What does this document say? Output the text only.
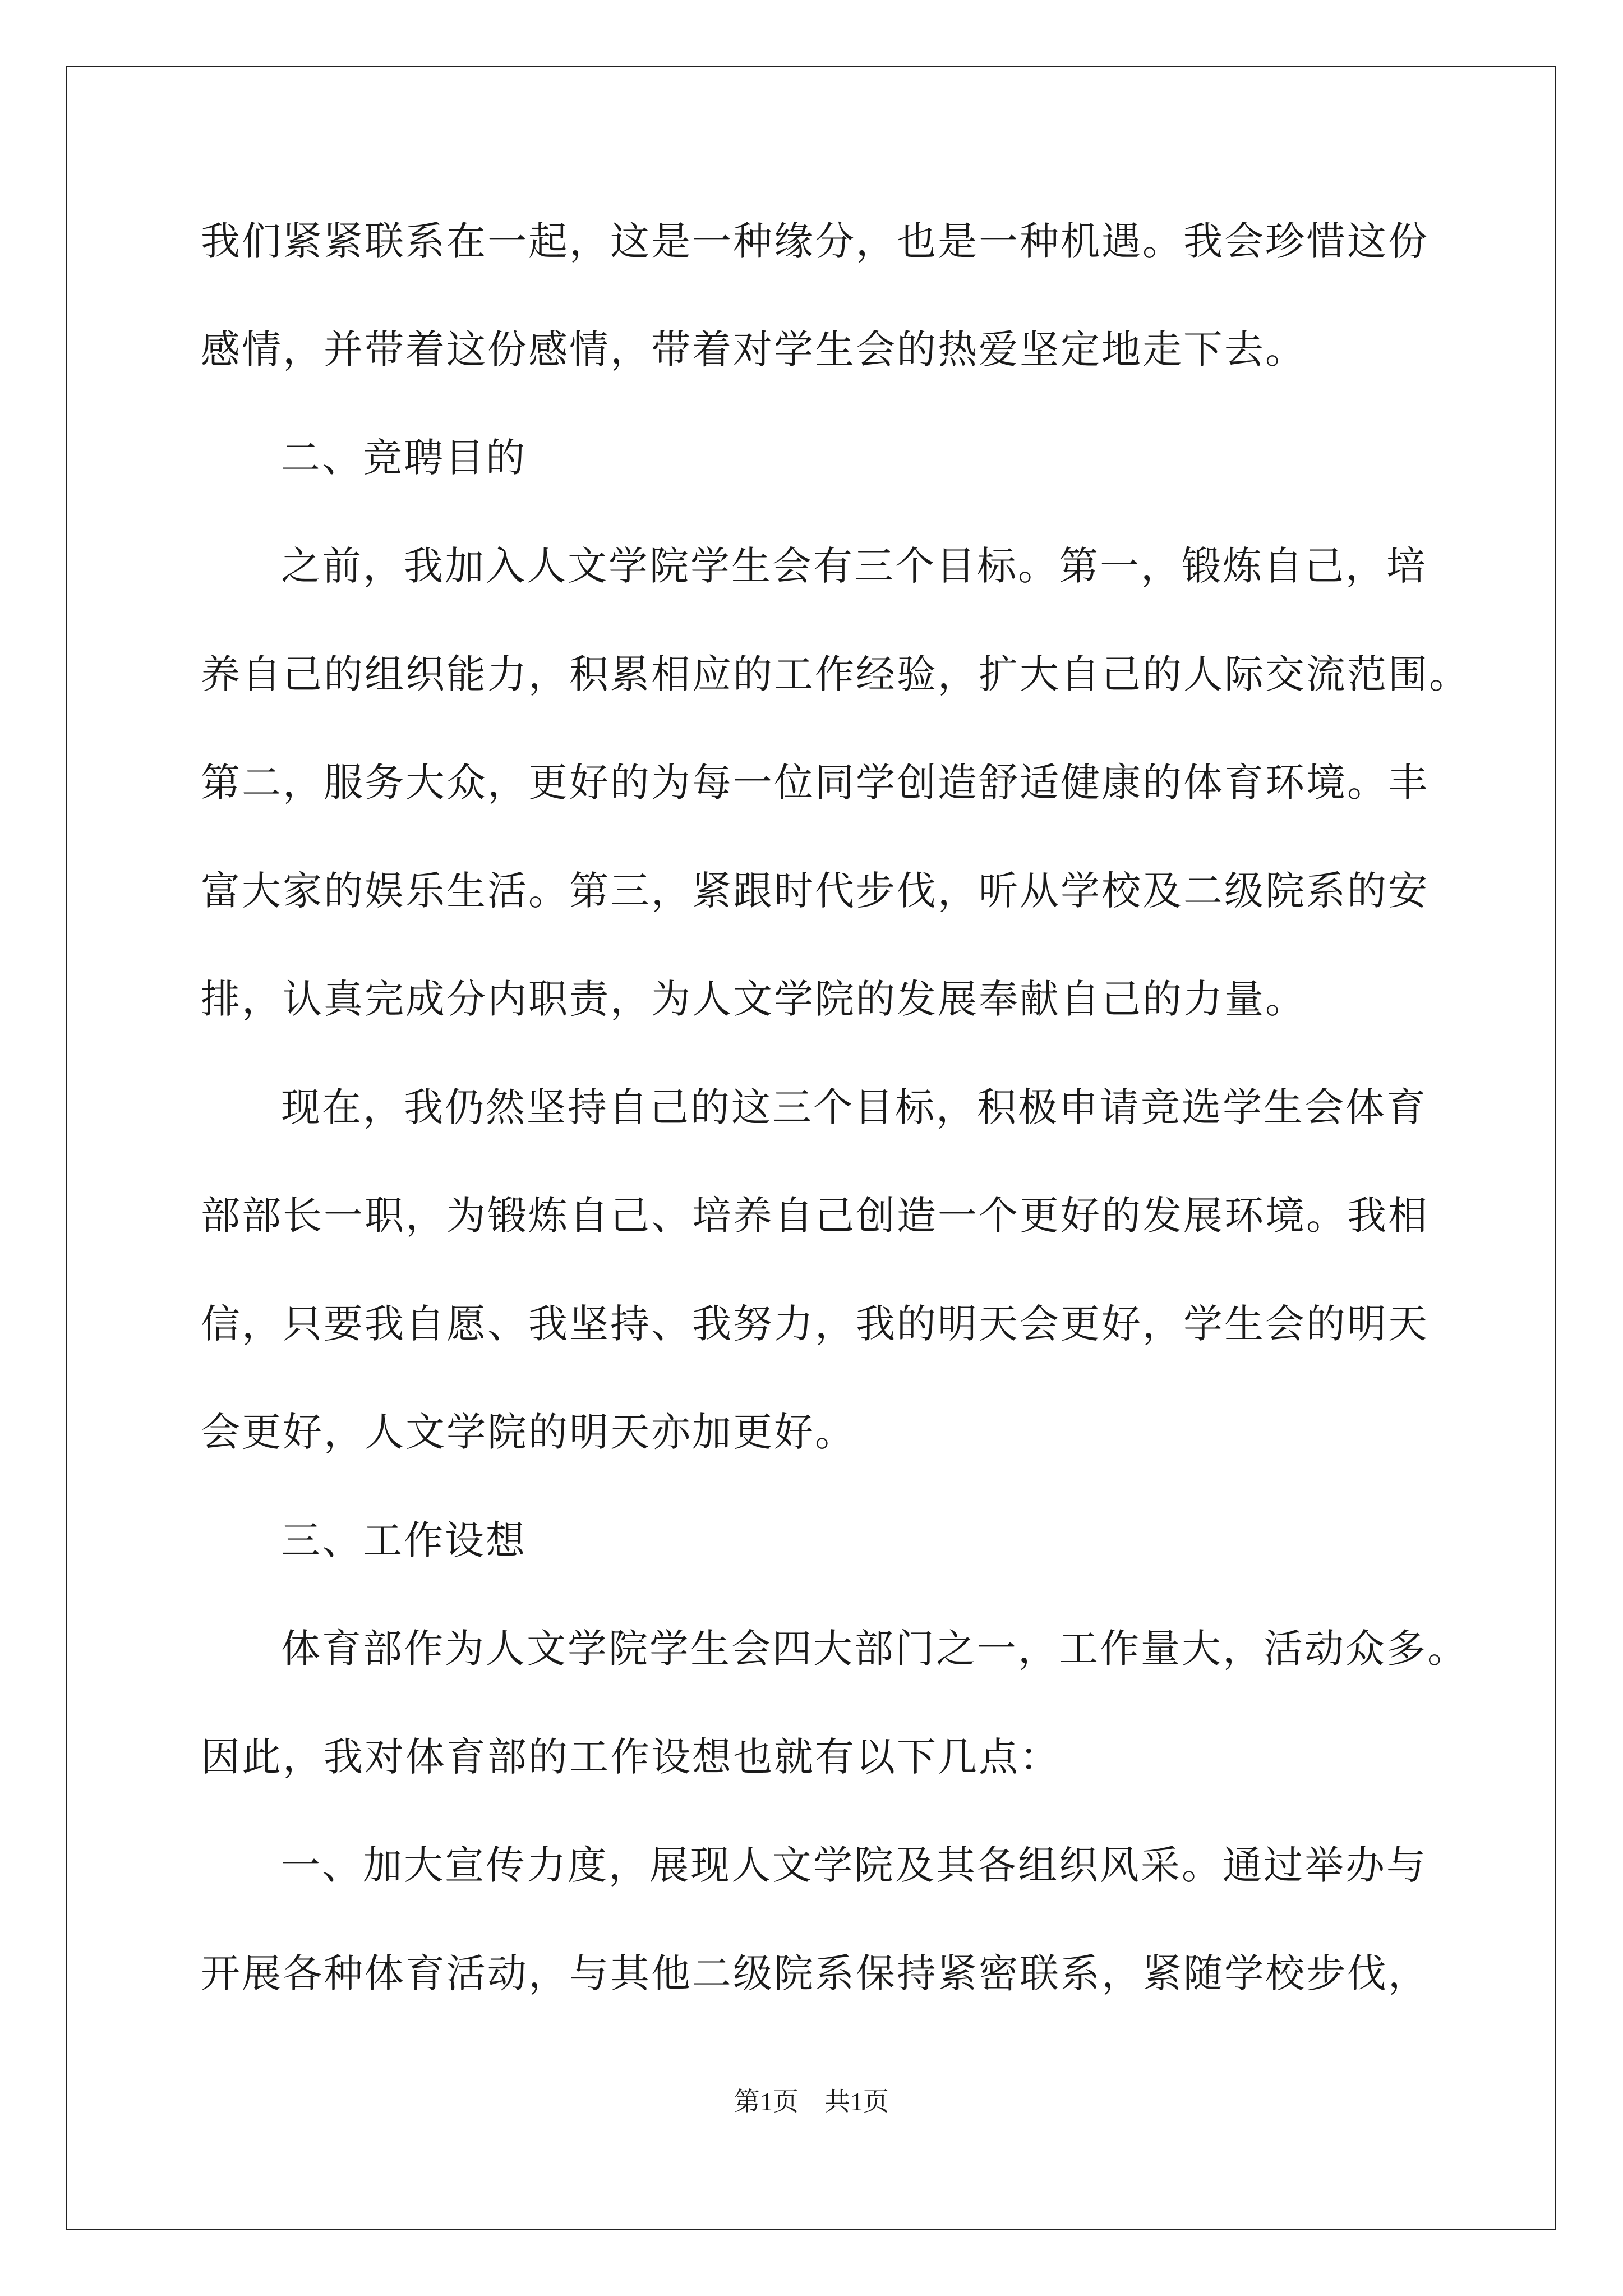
我们紧紧联系在一起，这是一种缘分，也是一种机遇。我会珍惜这份
感情，并带着这份感情，带着对学生会的热爱坚定地走下去。
二、竞聘目的
之前，我加入人文学院学生会有三个目标。第一，锻炼自己，培
养自己的组织能力，积累相应的工作经验，扩大自己的人际交流范围。
第二，服务大众，更好的为每一位同学创造舒适健康的体育环境。丰
富大家的娱乐生活。第三，紧跟时代步伐，听从学校及二级院系的安
排，认真完成分内职责，为人文学院的发展奉献自己的力量。
现在，我仍然坚持自己的这三个目标，积极申请竞选学生会体育
部部长一职，为锻炼自己、培养自己创造一个更好的发展环境。我相
信，只要我自愿、我坚持、我努力，我的明天会更好，学生会的明天
会更好，人文学院的明天亦加更好。
三、工作设想
体育部作为人文学院学生会四大部门之一，工作量大，活动众多。
因此，我对体育部的工作设想也就有以下几点：
一、加大宣传力度，展现人文学院及其各组织风采。通过举办与
开展各种体育活动，与其他二级院系保持紧密联系，紧随学校步伐，
第1页　共1页
